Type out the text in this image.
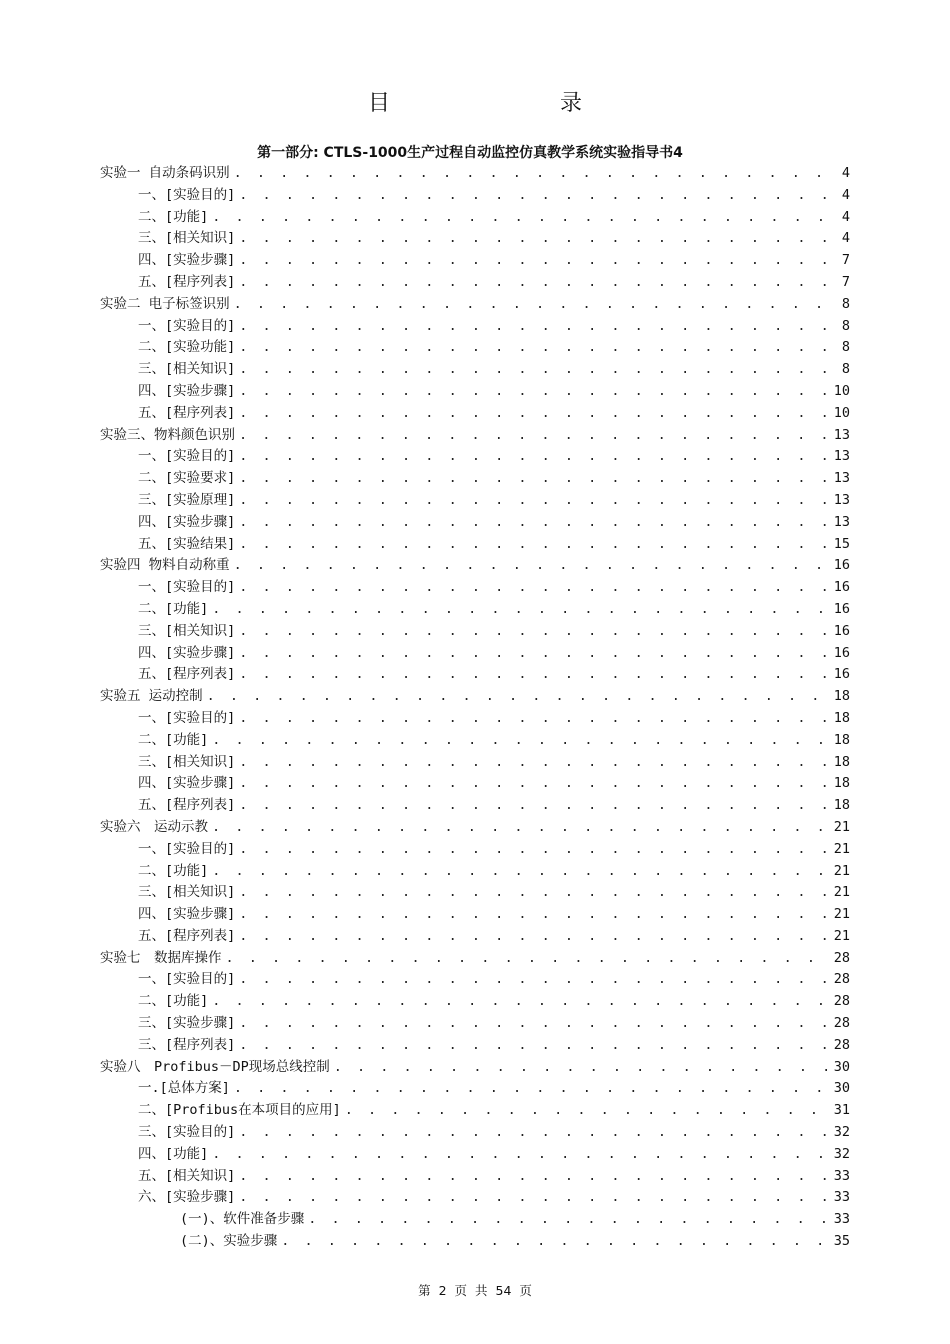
目　　录
第一部分: CTLS-1000生产过程自动监控仿真教学系统实验指导书4
实验一 自动条码识别 . . .	4
一、[实验目的] . . .	4
二、[功能] . . .	4
三、[相关知识] . . .	4
四、[实验步骤] . . .	7
五、[程序列表] . . .	7
实验二 电子标签识别 . . .	8
一、[实验目的] . . .	8
二、[实验功能] . . .	8
三、[相关知识] . . .	8
四、[实验步骤] . . .	10
五、[程序列表] . . .	10
实验三、物料颜色识别 . . .	13
一、[实验目的] . . .	13
二、[实验要求] . . .	13
三、[实验原理] . . .	13
四、[实验步骤] . . .	13
五、[实验结果] . . .	15
实验四 物料自动称重 . . .	16
一、[实验目的] . . .	16
二、[功能] . . .	16
三、[相关知识] . . .	16
四、[实验步骤] . . .	16
五、[程序列表] . . .	16
实验五 运动控制 . . .	18
一、[实验目的] . . .	18
二、[功能] . . .	18
三、[相关知识] . . .	18
四、[实验步骤] . . .	18
五、[程序列表] . . .	18
实验六　运动示教 . . .	21
一、[实验目的] . . .	21
二、[功能] . . .	21
三、[相关知识] . . .	21
四、[实验步骤] . . .	21
五、[程序列表] . . .	21
实验七　数据库操作 . . .	28
一、[实验目的] . . .	28
二、[功能] . . .	28
三、[实验步骤] . . .	28
三、[程序列表] . . .	28
实验八　Profibus－DP现场总线控制 . . .	30
一.[总体方案] . . .	30
二、[Profibus在本项目的应用] . . .	31
三、[实验目的] . . .	32
四、[功能] . . .	32
五、[相关知识] . . .	33
六、[实验步骤] . . .	33
(一)、软件准备步骤 . . .	33
(二)、实验步骤 . . .	35
第 2 页 共 54 页
